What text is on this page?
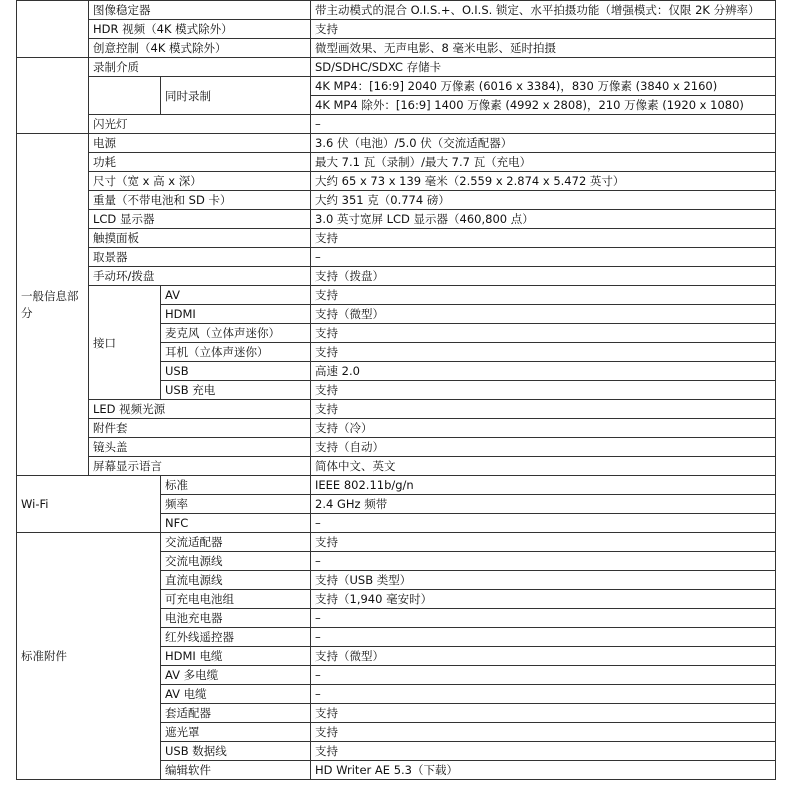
	图像稳定器		带主动模式的混合 O.I.S.+、O.I.S. 锁定、水平拍摄功能（增强模式：仅限 2K 分辨率）
	HDR 视频（4K 模式除外）		支持
	创意控制（4K 模式除外）		微型画效果、无声电影、8 毫米电影、延时拍摄
	录制介质		SD/SDHC/SDXC 存储卡
		同时录制	4K MP4：[16:9] 2040 万像素 (6016 x 3384)，830 万像素 (3840 x 2160)
			4K MP4 除外：[16:9] 1400 万像素 (4992 x 2808)，210 万像素 (1920 x 1080)
	闪光灯		–
一般信息部分	电源		3.6 伏（电池）/5.0 伏（交流适配器）
	功耗		最大 7.1 瓦（录制）/最大 7.7 瓦（充电）
	尺寸（宽 x 高 x 深）		大约 65 x 73 x 139 毫米（2.559 x 2.874 x 5.472 英寸）
	重量（不带电池和 SD 卡）		大约 351 克（0.774 磅）
	LCD 显示器		3.0 英寸宽屏 LCD 显示器（460,800 点）
	触摸面板		支持
	取景器		–
	手动环/拨盘		支持（拨盘）
	接口	AV	支持
		HDMI	支持（微型）
		麦克风（立体声迷你）	支持
		耳机（立体声迷你）	支持
		USB	高速 2.0
		USB 充电	支持
	LED 视频光源		支持
	附件套		支持（冷）
	镜头盖		支持（自动）
	屏幕显示语言		简体中文、英文
Wi-Fi		标准	IEEE 802.11b/g/n
		频率	2.4 GHz 频带
		NFC	–
标准附件		交流适配器	支持
		交流电源线	–
		直流电源线	支持（USB 类型）
		可充电电池组	支持（1,940 毫安时）
		电池充电器	–
		红外线遥控器	–
		HDMI 电缆	支持（微型）
		AV 多电缆	–
		AV 电缆	–
		套适配器	支持
		遮光罩	支持
		USB 数据线	支持
		编辑软件	HD Writer AE 5.3（下载）
